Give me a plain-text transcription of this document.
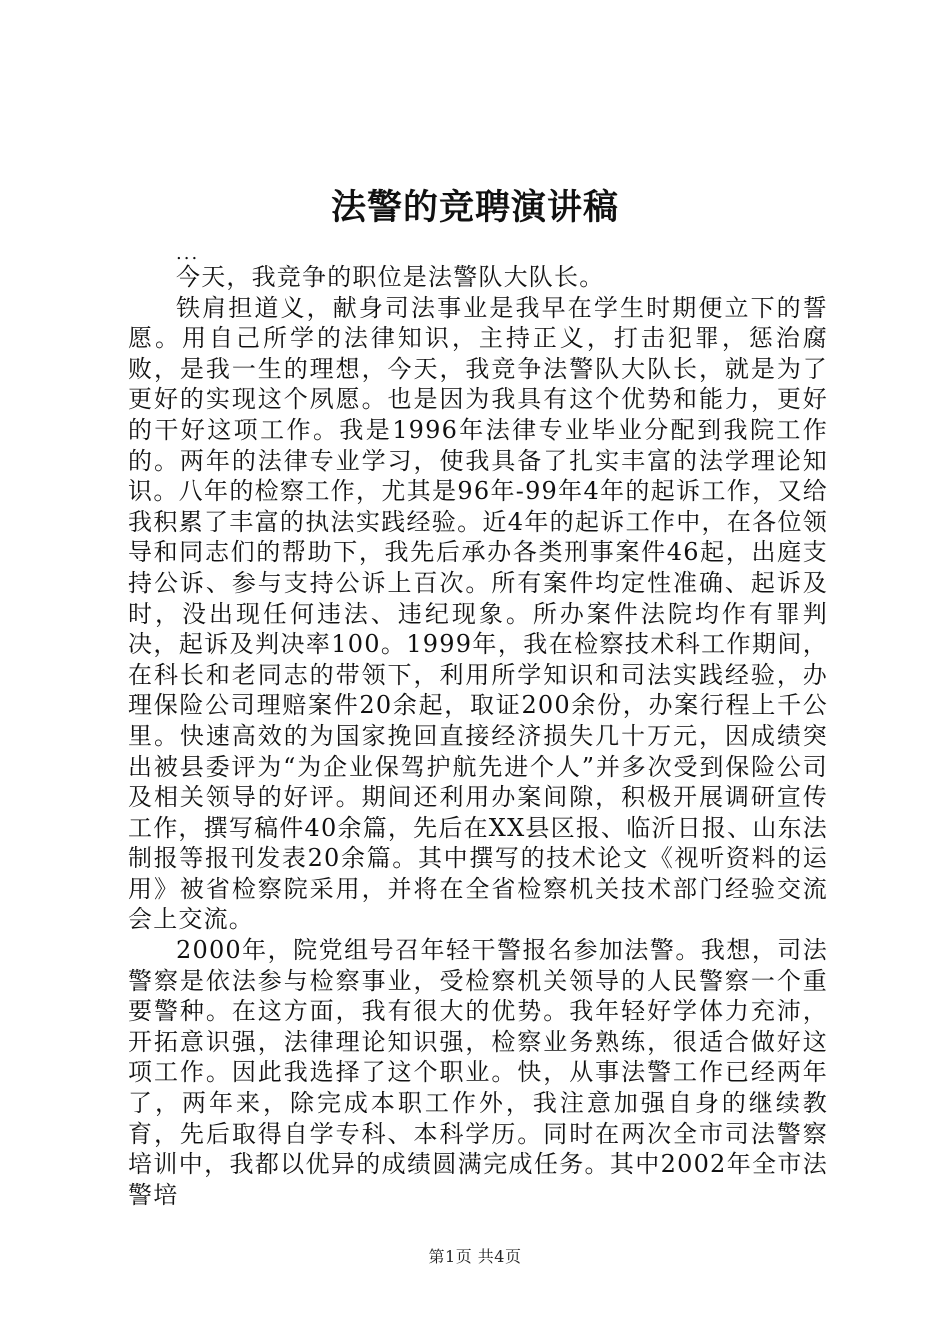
法警的竞聘演讲稿

...

今天，我竞争的职位是法警队大队长。

铁肩担道义，献身司法事业是我早在学生时期便立下的誓愿。用自己所学的法律知识，主持正义，打击犯罪，惩治腐败，是我一生的理想，今天，我竞争法警队大队长，就是为了更好的实现这个夙愿。也是因为我具有这个优势和能力，更好的干好这项工作。我是1996年法律专业毕业分配到我院工作的。两年的法律专业学习，使我具备了扎实丰富的法学理论知识。八年的检察工作，尤其是96年-99年4年的起诉工作，又给我积累了丰富的执法实践经验。近4年的起诉工作中，在各位领导和同志们的帮助下，我先后承办各类刑事案件46起，出庭支持公诉、参与支持公诉上百次。所有案件均定性准确、起诉及时，没出现任何违法、违纪现象。所办案件法院均作有罪判决，起诉及判决率100。1999年，我在检察技术科工作期间，在科长和老同志的带领下，利用所学知识和司法实践经验，办理保险公司理赔案件20余起，取证200余份，办案行程上千公里。快速高效的为国家挽回直接经济损失几十万元，因成绩突出被县委评为“为企业保驾护航先进个人”并多次受到保险公司及相关领导的好评。期间还利用办案间隙，积极开展调研宣传工作，撰写稿件40余篇，先后在XX县区报、临沂日报、山东法制报等报刊发表20余篇。其中撰写的技术论文《视听资料的运用》被省检察院采用，并将在全省检察机关技术部门经验交流会上交流。

2000年，院党组号召年轻干警报名参加法警。我想，司法警察是依法参与检察事业，受检察机关领导的人民警察一个重要警种。在这方面，我有很大的优势。我年轻好学体力充沛，开拓意识强，法律理论知识强，检察业务熟练，很适合做好这项工作。因此我选择了这个职业。快，从事法警工作已经两年了，两年来，除完成本职工作外，我注意加强自身的继续教育，先后取得自学专科、本科学历。同时在两次全市司法警察培训中，我都以优异的成绩圆满完成任务。其中2002年全市法警培

第1页 共4页
